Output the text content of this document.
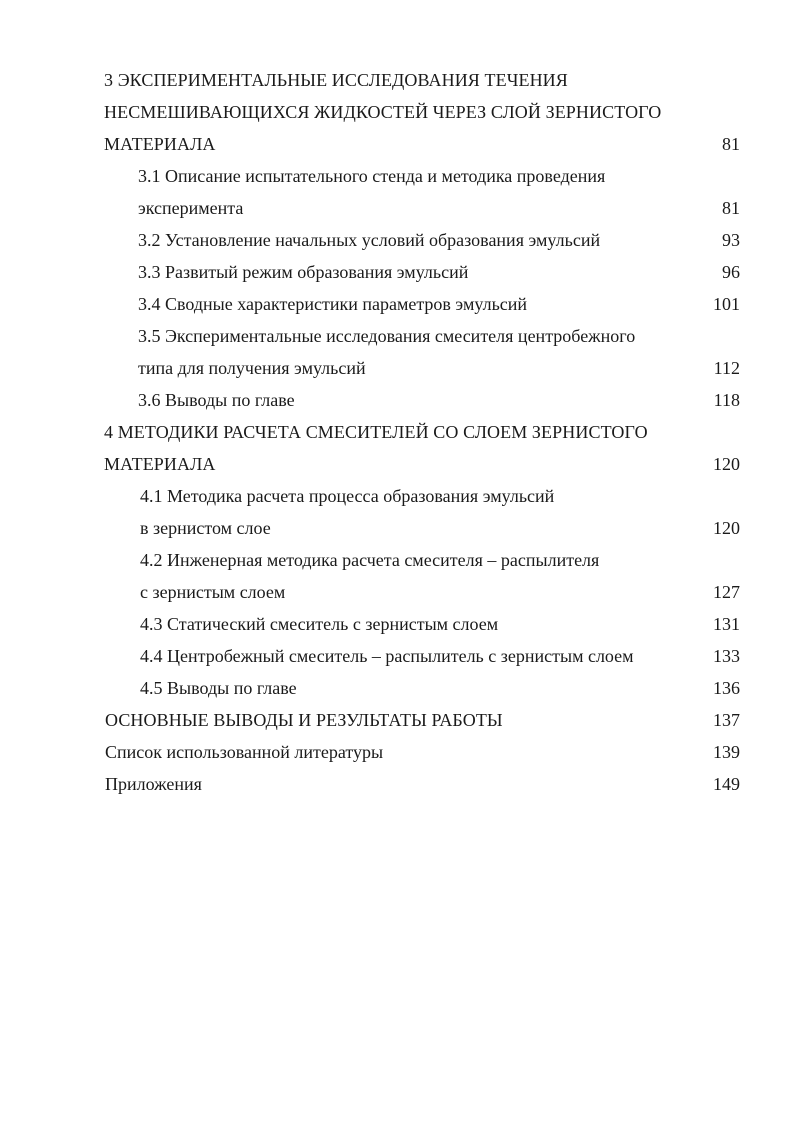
3 ЭКСПЕРИМЕНТАЛЬНЫЕ ИССЛЕДОВАНИЯ ТЕЧЕНИЯ
НЕСМЕШИВАЮЩИХСЯ ЖИДКОСТЕЙ ЧЕРЕЗ СЛОЙ ЗЕРНИСТОГО
МАТЕРИАЛА	81
3.1 Описание испытательного стенда и методика проведения
эксперимента	81
3.2 Установление начальных условий образования эмульсий	93
3.3 Развитый режим образования эмульсий	96
3.4 Сводные характеристики параметров эмульсий	101
3.5 Экспериментальные исследования смесителя центробежного
типа для получения эмульсий	112
3.6 Выводы по главе	118
4 МЕТОДИКИ РАСЧЕТА СМЕСИТЕЛЕЙ СО СЛОЕМ ЗЕРНИСТОГО
МАТЕРИАЛА	120
4.1 Методика расчета процесса образования эмульсий
в зернистом слое	120
4.2 Инженерная методика расчета смесителя – распылителя
с зернистым слоем	127
4.3 Статический смеситель с зернистым слоем	131
4.4 Центробежный смеситель – распылитель с зернистым слоем	133
4.5 Выводы по главе	136
ОСНОВНЫЕ ВЫВОДЫ И РЕЗУЛЬТАТЫ РАБОТЫ	137
Список использованной литературы	139
Приложения	149
